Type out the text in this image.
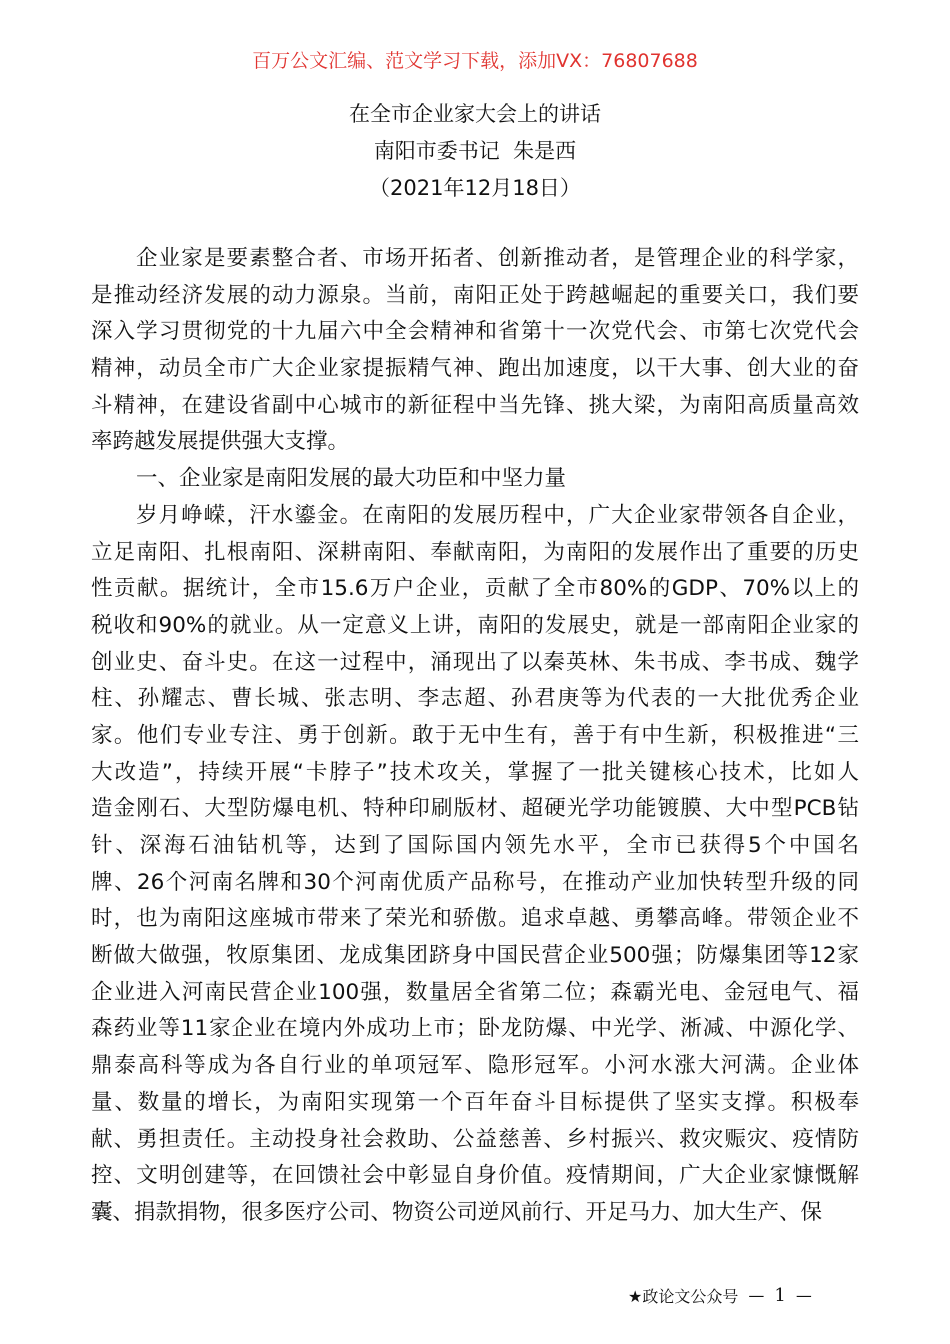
百万公文汇编、范文学习下载，添加VX：76807688
在全市企业家大会上的讲话
南阳市委书记  朱是西
（2021年12月18日）
企业家是要素整合者、市场开拓者、创新推动者，是管理企业的科学家，
是推动经济发展的动力源泉。当前，南阳正处于跨越崛起的重要关口，我们要
深入学习贯彻党的十九届六中全会精神和省第十一次党代会、市第七次党代会
精神，动员全市广大企业家提振精气神、跑出加速度，以干大事、创大业的奋
斗精神，在建设省副中心城市的新征程中当先锋、挑大梁，为南阳高质量高效
率跨越发展提供强大支撑。
一、企业家是南阳发展的最大功臣和中坚力量
岁月峥嵘，汗水鎏金。在南阳的发展历程中，广大企业家带领各自企业，
立足南阳、扎根南阳、深耕南阳、奉献南阳，为南阳的发展作出了重要的历史
性贡献。据统计，全市15.6万户企业，贡献了全市80%的GDP、70%以上的
税收和90%的就业。从一定意义上讲，南阳的发展史，就是一部南阳企业家的
创业史、奋斗史。在这一过程中，涌现出了以秦英林、朱书成、李书成、魏学
柱、孙耀志、曹长城、张志明、李志超、孙君庚等为代表的一大批优秀企业
家。他们专业专注、勇于创新。敢于无中生有，善于有中生新，积极推进“三
大改造”，持续开展“卡脖子”技术攻关，掌握了一批关键核心技术，比如人
造金刚石、大型防爆电机、特种印刷版材、超硬光学功能镀膜、大中型PCB钻
针、深海石油钻机等，达到了国际国内领先水平，全市已获得5个中国名
牌、26个河南名牌和30个河南优质产品称号，在推动产业加快转型升级的同
时，也为南阳这座城市带来了荣光和骄傲。追求卓越、勇攀高峰。带领企业不
断做大做强，牧原集团、龙成集团跻身中国民营企业500强；防爆集团等12家
企业进入河南民营企业100强，数量居全省第二位；森霸光电、金冠电气、福
森药业等11家企业在境内外成功上市；卧龙防爆、中光学、淅减、中源化学、
鼎泰高科等成为各自行业的单项冠军、隐形冠军。小河水涨大河满。企业体
量、数量的增长，为南阳实现第一个百年奋斗目标提供了坚实支撑。积极奉
献、勇担责任。主动投身社会救助、公益慈善、乡村振兴、救灾赈灾、疫情防
控、文明创建等，在回馈社会中彰显自身价值。疫情期间，广大企业家慷慨解
囊、捐款捐物，很多医疗公司、物资公司逆风前行、开足马力、加大生产、保
★政论文公众号 — 1 —
